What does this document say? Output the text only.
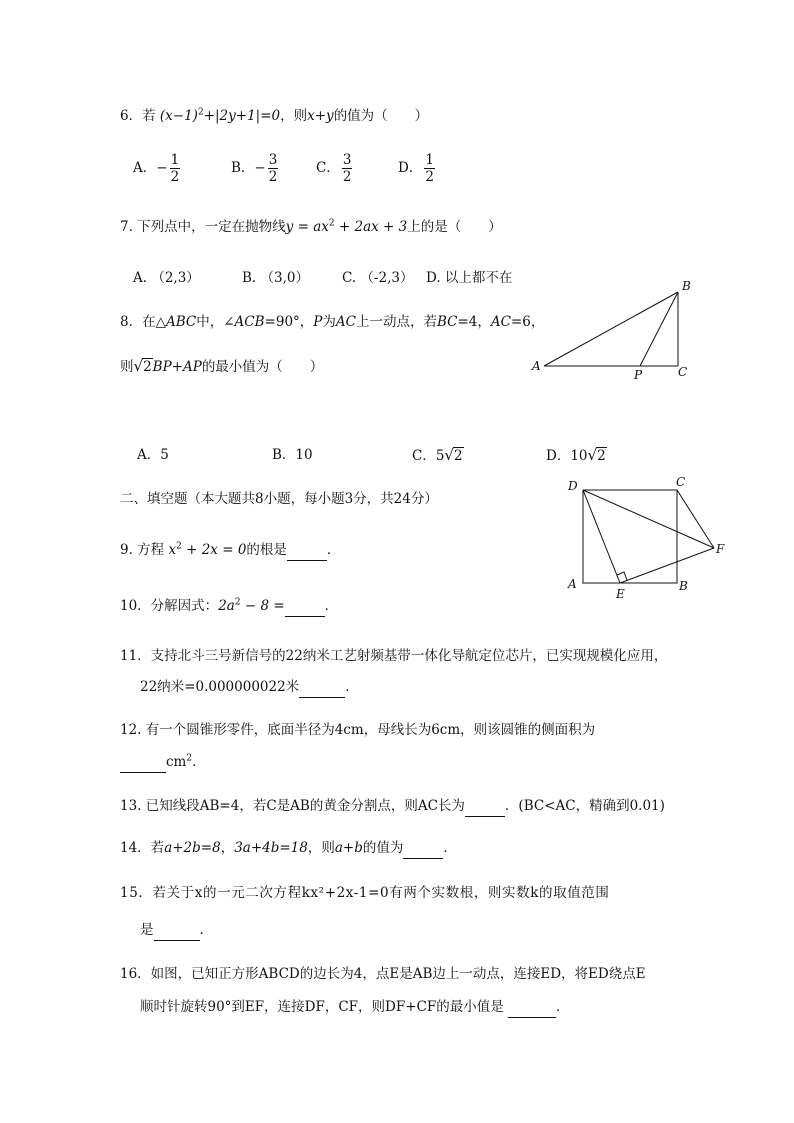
6．若 $(x-1)^2+|2y+1|=0$，则x+y的值为（　　）
A．− $\frac{1}{2}$	B．− $\frac{3}{2}$	C． $\frac{3}{2}$	D． $\frac{1}{2}$
7. 下列点中，一定在抛物线$y = ax^2 + 2ax + 3$上的是（　　）
A. （2,3）	B. （3,0） C. （-2,3） D. 以上都不在
8．在△ABC中，∠ACB=90°，P为AC上一动点，若BC=4，AC=6，
则√2BP+AP的最小值为（　　）	A
B
C
P
A．5	B．10	C．5√2	D．10√2
二、填空题（本大题共8小题，每小题3分，共24分）
D	C
F
A	B
E
9. 方程 $x^2 + 2x = 0$的根是	．
10．分解因式：$2a^2 - 8$ =	．
11．支持北斗三号新信号的22纳米工艺射频基带一体化导航定位芯片，已实现规模化应用，
22纳米=0.000000022米	．
12. 有一个圆锥形零件，底面半径为4cm，母线长为6cm，则该圆锥的侧面积为
$cm^2$．
13. 已知线段AB=4，若C是AB的黄金分割点，则AC长为	．(BC<AC，精确到0.01)
14．若a+2b=8，3a+4b=18，则a+b的值为	．
15．若关于x的一元二次方程kx²+2x-1=0有两个实数根，则实数k的取值范围
是	．
16．如图，已知正方形ABCD的边长为4，点E是AB边上一动点，连接ED，将ED绕点E
顺时针旋转90°到EF，连接DF，CF，则DF+CF的最小值是	．
